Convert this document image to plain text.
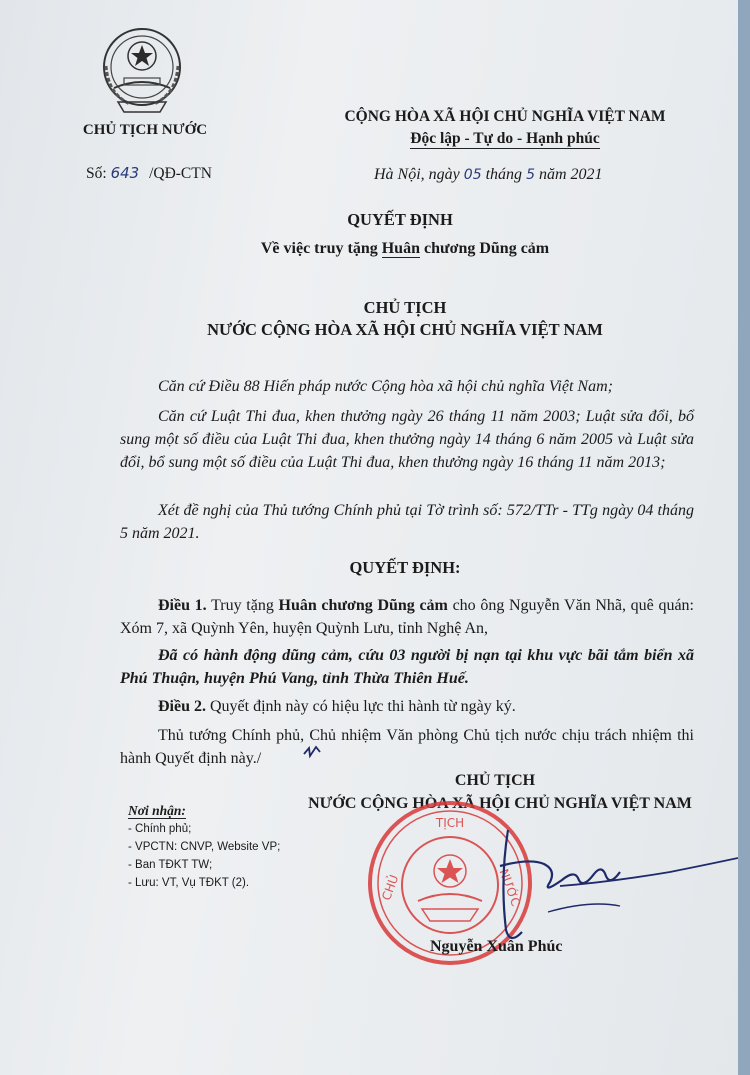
CHỦ TỊCH NƯỚC
Số: 643 /QĐ-CTN
CỘNG HÒA XÃ HỘI CHỦ NGHĨA VIỆT NAM
Độc lập - Tự do - Hạnh phúc
Hà Nội, ngày 05 tháng 5 năm 2021
QUYẾT ĐỊNH
Về việc truy tặng Huân chương Dũng cảm
CHỦ TỊCH
NƯỚC CỘNG HÒA XÃ HỘI CHỦ NGHĨA VIỆT NAM
Căn cứ Điều 88 Hiến pháp nước Cộng hòa xã hội chủ nghĩa Việt Nam;
Căn cứ Luật Thi đua, khen thưởng ngày 26 tháng 11 năm 2003; Luật sửa đổi, bổ sung một số điều của Luật Thi đua, khen thưởng ngày 14 tháng 6 năm 2005 và Luật sửa đổi, bổ sung một số điều của Luật Thi đua, khen thưởng ngày 16 tháng 11 năm 2013;
Xét đề nghị của Thủ tướng Chính phủ tại Tờ trình số: 572/TTr - TTg ngày 04 tháng 5 năm 2021.
QUYẾT ĐỊNH:
Điều 1. Truy tặng Huân chương Dũng cảm cho ông Nguyễn Văn Nhã, quê quán: Xóm 7, xã Quỳnh Yên, huyện Quỳnh Lưu, tỉnh Nghệ An,
Đã có hành động dũng cảm, cứu 03 người bị nạn tại khu vực bãi tắm biển xã Phú Thuận, huyện Phú Vang, tỉnh Thừa Thiên Huế.
Điều 2. Quyết định này có hiệu lực thi hành từ ngày ký.
Thủ tướng Chính phủ, Chủ nhiệm Văn phòng Chủ tịch nước chịu trách nhiệm thi hành Quyết định này./
CHỦ TỊCH
NƯỚC CỘNG HÒA XÃ HỘI CHỦ NGHĨA VIỆT NAM
Nơi nhận:
- Chính phủ;
- VPCTN: CNVP, Website VP;
- Ban TĐKT TW;
- Lưu: VT, Vụ TĐKT (2).
TỊCH
CHỦ	NƯỚC
Nguyễn Xuân Phúc
